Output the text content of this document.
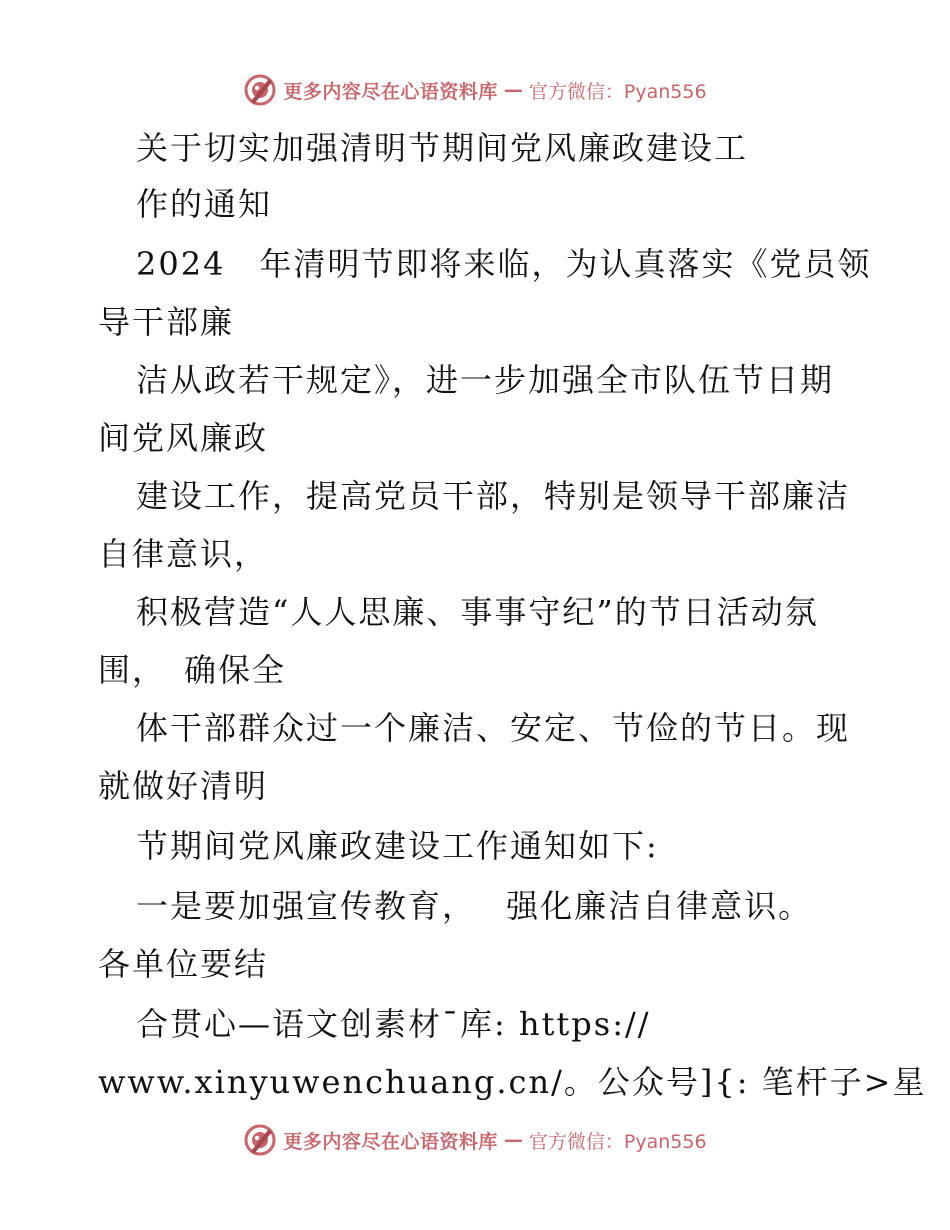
更多内容尽在心语资料库 — 官方微信：Pyan556
关于切实加强清明节期间党风廉政建设工
作的通知
2024　年清明节即将来临，为认真落实《党员领
导干部廉
洁从政若干规定》，进一步加强全市队伍节日期
间党风廉政
建设工作，提高党员干部，特别是领导干部廉洁
自律意识，
积极营造“人人思廉、事事守纪”的节日活动氛
围，　确保全
体干部群众过一个廉洁、安定、节俭的节日。现
就做好清明
节期间党风廉政建设工作通知如下:
一是要加强宣传教育，　 强化廉洁自律意识。
各单位要结
合贯心—语文创素材¯库: https://
www.xinyuwenchuang.cn/。公众号]{: 笔杆子>星
更多内容尽在心语资料库 — 官方微信：Pyan556
